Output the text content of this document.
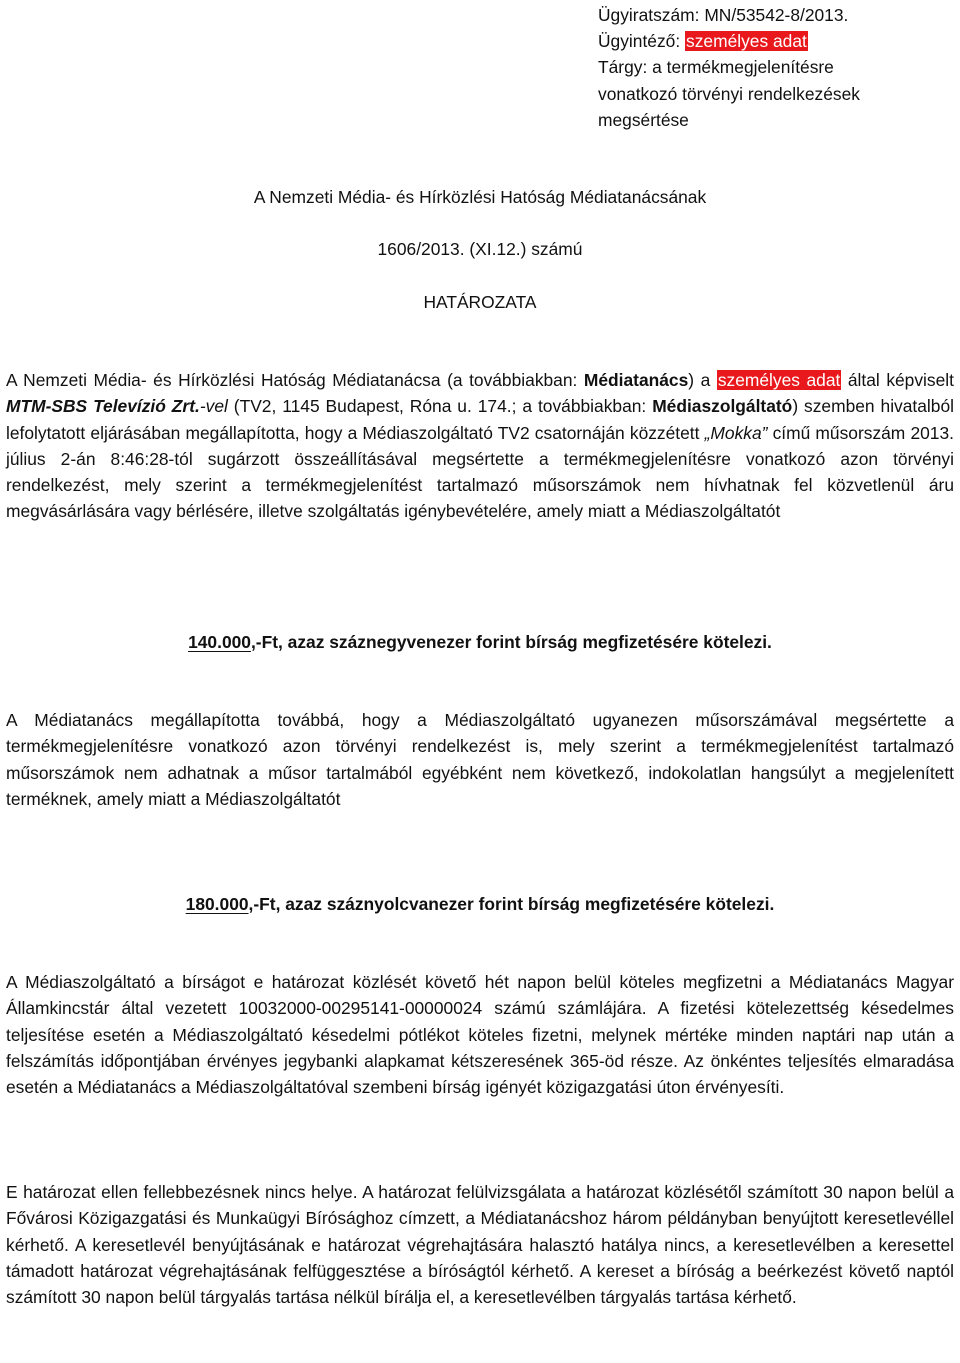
Ügyiratszám: MN/53542-8/2013.
Ügyintéző: személyes adat
Tárgy: a termékmegjelenítésre
vonatkozó törvényi rendelkezések
megsértése
A Nemzeti Média- és Hírközlési Hatóság Médiatanácsának
1606/2013. (XI.12.) számú
HATÁROZATA

A Nemzeti Média- és Hírközlési Hatóság Médiatanácsa (a továbbiakban: Médiatanács) a személyes adat által képviselt MTM-SBS Televízió Zrt.-vel (TV2, 1145 Budapest, Róna u. 174.; a továbbiakban: Médiaszolgáltató) szemben hivatalból lefolytatott eljárásában megállapította, hogy a Médiaszolgáltató TV2 csatornáján közzétett „Mokka” című műsorszám 2013. július 2-án 8:46:28-tól sugárzott összeállításával megsértette a termékmegjelenítésre vonatkozó azon törvényi rendelkezést, mely szerint a termékmegjelenítést tartalmazó műsorszámok nem hívhatnak fel közvetlenül áru megvásárlására vagy bérlésére, illetve szolgáltatás igénybevételére, amely miatt a Médiaszolgáltatót

140.000,-Ft, azaz száznegyvenezer forint bírság megfizetésére kötelezi.

A Médiatanács megállapította továbbá, hogy a Médiaszolgáltató ugyanezen műsorszámával megsértette a termékmegjelenítésre vonatkozó azon törvényi rendelkezést is, mely szerint a termékmegjelenítést tartalmazó műsorszámok nem adhatnak a műsor tartalmából egyébként nem következő, indokolatlan hangsúlyt a megjelenített terméknek, amely miatt a Médiaszolgáltatót

180.000,-Ft, azaz száznyolcvanezer forint bírság megfizetésére kötelezi.

A Médiaszolgáltató a bírságot e határozat közlését követő hét napon belül köteles megfizetni a Médiatanács Magyar Államkincstár által vezetett 10032000-00295141-00000024 számú számlájára. A fizetési kötelezettség késedelmes teljesítése esetén a Médiaszolgáltató késedelmi pótlékot köteles fizetni, melynek mértéke minden naptári nap után a felszámítás időpontjában érvényes jegybanki alapkamat kétszeresének 365-öd része. Az önkéntes teljesítés elmaradása esetén a Médiatanács a Médiaszolgáltatóval szembeni bírság igényét közigazgatási úton érvényesíti.

E határozat ellen fellebbezésnek nincs helye. A határozat felülvizsgálata a határozat közlésétől számított 30 napon belül a Fővárosi Közigazgatási és Munkaügyi Bírósághoz címzett, a Médiatanácshoz három példányban benyújtott keresetlevéllel kérhető. A keresetlevél benyújtásának e határozat végrehajtására halasztó hatálya nincs, a keresetlevélben a keresettel támadott határozat végrehajtásának felfüggesztése a bíróságtól kérhető. A kereset a bíróság a beérkezést követő naptól számított 30 napon belül tárgyalás tartása nélkül bírálja el, a keresetlevélben tárgyalás tartása kérhető.
